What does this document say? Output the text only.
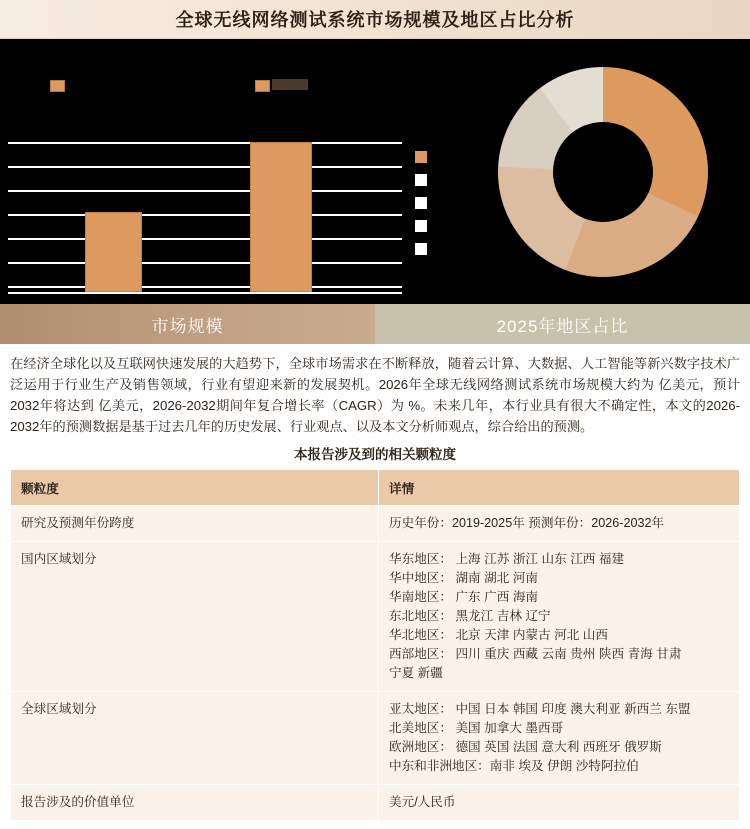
全球无线网络测试系统市场规模及地区占比分析
市场规模	2025年地区占比
在经济全球化以及互联网快速发展的大趋势下，全球市场需求在不断释放，随着云计算、大数据、人工智能等新兴数字技术广泛运用于行业生产及销售领域，行业有望迎来新的发展契机。2026年全球无线网络测试系统市场规模大约为 亿美元，预计2032年将达到 亿美元，2026-2032期间年复合增长率（CAGR）为 %。未来几年，本行业具有很大不确定性，本文的2026-2032年的预测数据是基于过去几年的历史发展、行业观点、以及本文分析师观点，综合给出的预测。
本报告涉及到的相关颗粒度
颗粒度	详情
研究及预测年份跨度	历史年份：2019-2025年 预测年份：2026-2032年

国内区域划分	华东地区： 上海 江苏 浙江 山东 江西 福建
华中地区： 湖南 湖北 河南
华南地区： 广东 广西 海南
东北地区： 黑龙江 吉林 辽宁
华北地区： 北京 天津 内蒙古 河北 山西
西部地区： 四川 重庆 西藏 云南 贵州 陕西 青海 甘肃
宁夏 新疆

全球区域划分	亚太地区： 中国 日本 韩国 印度 澳大利亚 新西兰 东盟
北美地区： 美国 加拿大 墨西哥
欧洲地区： 德国 英国 法国 意大利 西班牙 俄罗斯
中东和非洲地区：南非 埃及 伊朗 沙特阿拉伯

报告涉及的价值单位	美元/人民币
